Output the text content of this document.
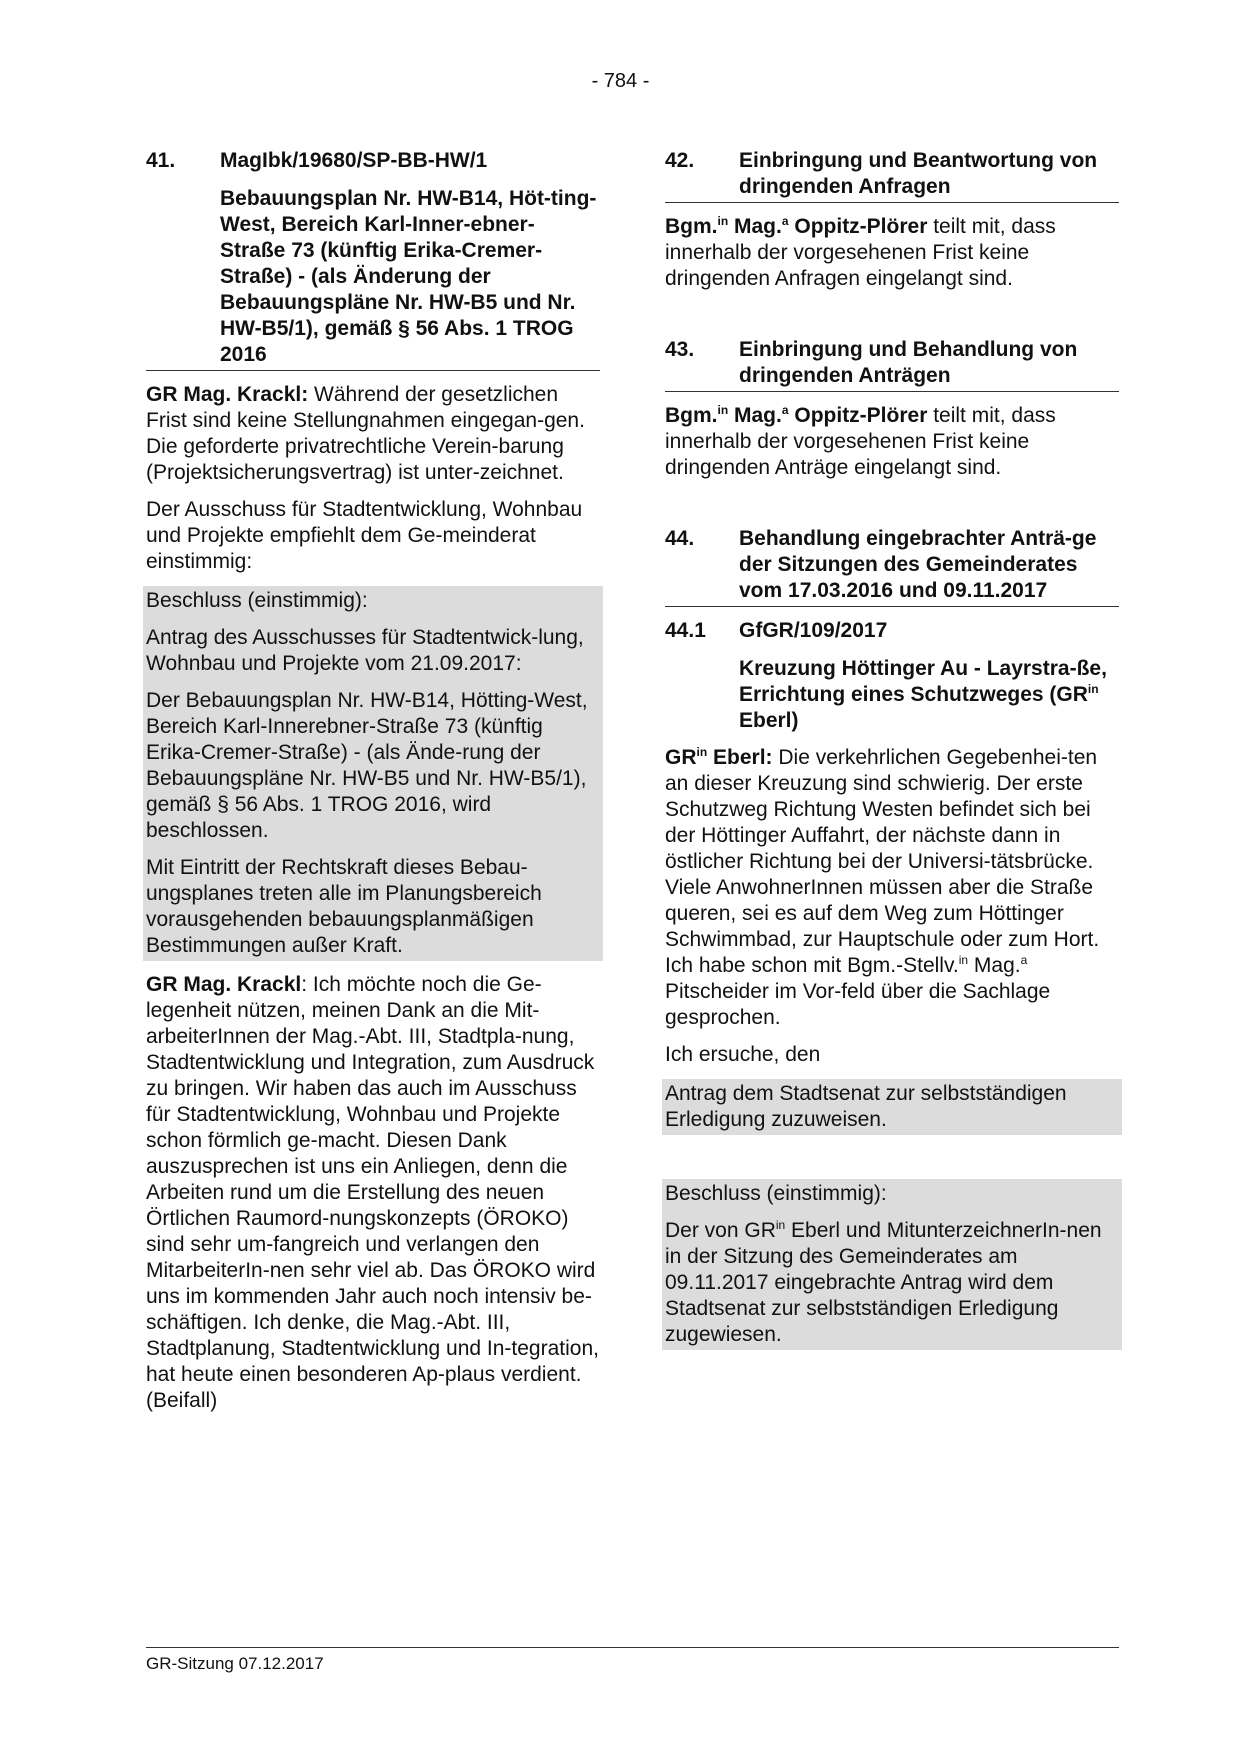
- 784 -
41.	MagIbk/19680/SP-BB-HW/1
Bebauungsplan Nr. HW-B14, Höt-ting-West, Bereich Karl-Inner-ebner-Straße 73 (künftig Erika-Cremer-Straße) - (als Änderung der Bebauungspläne Nr. HW-B5 und Nr. HW-B5/1), gemäß § 56 Abs. 1 TROG 2016

GR Mag. Krackl: Während der gesetzlichen Frist sind keine Stellungnahmen eingegan-gen. Die geforderte privatrechtliche Verein-barung (Projektsicherungsvertrag) ist unter-zeichnet.

Der Ausschuss für Stadtentwicklung, Wohnbau und Projekte empfiehlt dem Ge-meinderat einstimmig:

Beschluss (einstimmig):

Antrag des Ausschusses für Stadtentwick-lung, Wohnbau und Projekte vom 21.09.2017:

Der Bebauungsplan Nr. HW-B14, Hötting-West, Bereich Karl-Innerebner-Straße 73 (künftig Erika-Cremer-Straße) - (als Ände-rung der Bebauungspläne Nr. HW-B5 und Nr. HW-B5/1), gemäß § 56 Abs. 1 TROG 2016, wird beschlossen.

Mit Eintritt der Rechtskraft dieses Bebau-ungsplanes treten alle im Planungsbereich vorausgehenden bebauungsplanmäßigen Bestimmungen außer Kraft.

GR Mag. Krackl: Ich möchte noch die Ge-legenheit nützen, meinen Dank an die Mit-arbeiterInnen der Mag.-Abt. III, Stadtpla-nung, Stadtentwicklung und Integration, zum Ausdruck zu bringen. Wir haben das auch im Ausschuss für Stadtentwicklung, Wohnbau und Projekte schon förmlich ge-macht. Diesen Dank auszusprechen ist uns ein Anliegen, denn die Arbeiten rund um die Erstellung des neuen Örtlichen Raumord-nungskonzepts (ÖROKO) sind sehr um-fangreich und verlangen den MitarbeiterIn-nen sehr viel ab. Das ÖROKO wird uns im kommenden Jahr auch noch intensiv be-schäftigen. Ich denke, die Mag.-Abt. III, Stadtplanung, Stadtentwicklung und In-tegration, hat heute einen besonderen Ap-plaus verdient. (Beifall)

42.	Einbringung und Beantwortung von dringenden Anfragen

Bgm.$^{in}$ Mag.$^a$ Oppitz-Plörer teilt mit, dass innerhalb der vorgesehenen Frist keine dringenden Anfragen eingelangt sind.

43.	Einbringung und Behandlung von dringenden Anträgen

Bgm.$^{in}$ Mag.$^a$ Oppitz-Plörer teilt mit, dass innerhalb der vorgesehenen Frist keine dringenden Anträge eingelangt sind.

44.	Behandlung eingebrachter Anträ-ge der Sitzungen des Gemeinderates vom 17.03.2016 und 09.11.2017
44.1	GfGR/109/2017
Kreuzung Höttinger Au - Layrstra-ße, Errichtung eines Schutzweges ($GR^{in}$ Eberl)

$GR^{in}$ Eberl: Die verkehrlichen Gegebenhei-ten an dieser Kreuzung sind schwierig. Der erste Schutzweg Richtung Westen befindet sich bei der Höttinger Auffahrt, der nächste dann in östlicher Richtung bei der Universi-tätsbrücke. Viele AnwohnerInnen müssen aber die Straße queren, sei es auf dem Weg zum Höttinger Schwimmbad, zur Hauptschule oder zum Hort. Ich habe schon mit Bgm.-Stellv.$^{in}$ Mag.$^a$ Pitscheider im Vor-feld über die Sachlage gesprochen.

Ich ersuche, den

Antrag dem Stadtsenat zur selbstständigen Erledigung zuzuweisen.

Beschluss (einstimmig):

Der von $GR^{in}$ Eberl und MitunterzeichnerIn-nen in der Sitzung des Gemeinderates am 09.11.2017 eingebrachte Antrag wird dem Stadtsenat zur selbstständigen Erledigung zugewiesen.

GR-Sitzung 07.12.2017
